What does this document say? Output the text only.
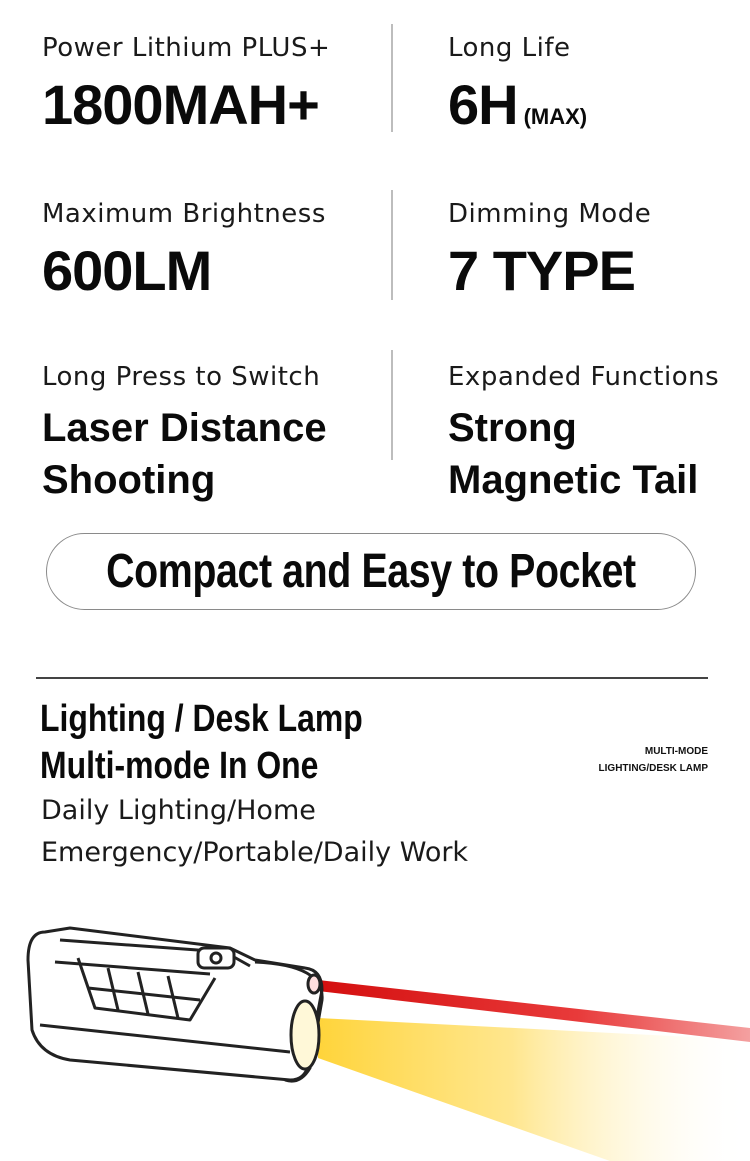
Power Lithium PLUS+
1800MAH+
Long Life
6H (MAX)
Maximum Brightness
600LM
Dimming Mode
7 TYPE
Long Press to Switch
Laser Distance
Shooting
Expanded Functions
Strong
Magnetic Tail
Compact and Easy to Pocket
Lighting / Desk Lamp
Multi-mode In One
Daily Lighting/Home
Emergency/Portable/Daily Work
MULTI-MODE
LIGHTING/DESK LAMP
